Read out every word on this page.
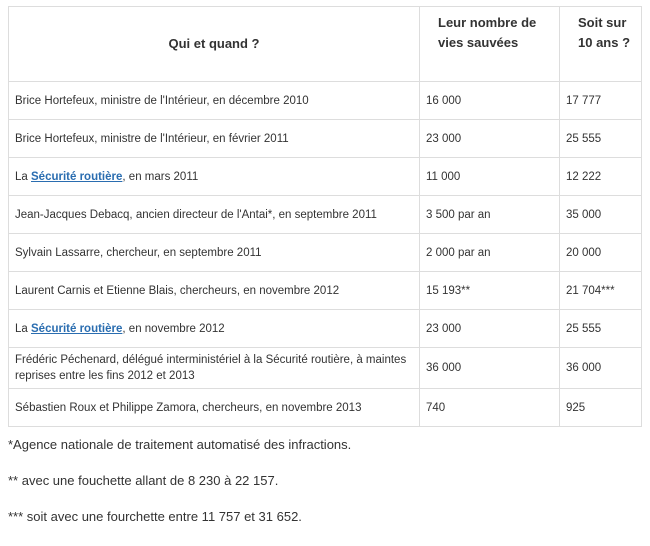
Qui et quand ?	Leur nombre de vies sauvées	Soit sur 10 ans ?
Brice Hortefeux, ministre de l'Intérieur, en décembre 2010	16 000	17 777
Brice Hortefeux, ministre de l'Intérieur, en février 2011	23 000	25 555
La Sécurité routière, en mars 2011	11 000	12 222
Jean-Jacques Debacq, ancien directeur de l'Antai*, en septembre 2011	3 500 par an	35 000
Sylvain Lassarre, chercheur, en septembre 2011	2 000 par an	20 000
Laurent Carnis et Etienne Blais, chercheurs, en novembre 2012	15 193**	21 704***
La Sécurité routière, en novembre 2012	23 000	25 555
Frédéric Péchenard, délégué interministériel à la Sécurité routière, à maintes reprises entre les fins 2012 et 2013	36 000	36 000
Sébastien Roux et Philippe Zamora, chercheurs, en novembre 2013	740	925

*Agence nationale de traitement automatisé des infractions.

** avec une fouchette allant de 8 230 à 22 157.

*** soit avec une fourchette entre 11 757 et 31 652.
